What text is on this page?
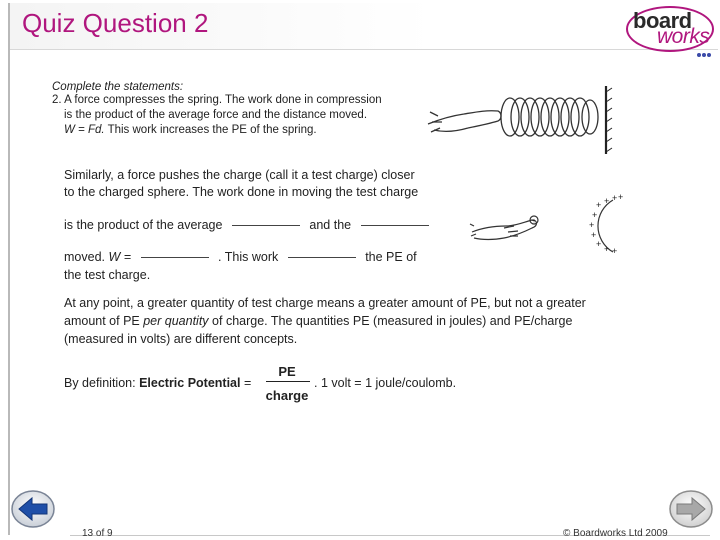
Quiz Question 2	board
works
Complete the statements:
2. A force compresses the spring. The work done in compression
is the product of the average force and the distance moved.
W = Fd. This work increases the PE of the spring.
Similarly, a force pushes the charge (call it a test charge) closer
to the charged sphere. The work done in moving the test charge
is the product of the average	and the
moved. W =	. This work	the PE of
the test charge.
+
+ + + +
+
+
+
+ + +
At any point, a greater quantity of test charge means a greater amount of PE, but not a greater
amount of PE per quantity of charge. The quantities PE (measured in joules) and PE/charge
(measured in volts) are different concepts.
By definition: Electric Potential =
PE
charge
. 1 volt = 1 joule/coulomb.
13 of 9	© Boardworks Ltd 2009
